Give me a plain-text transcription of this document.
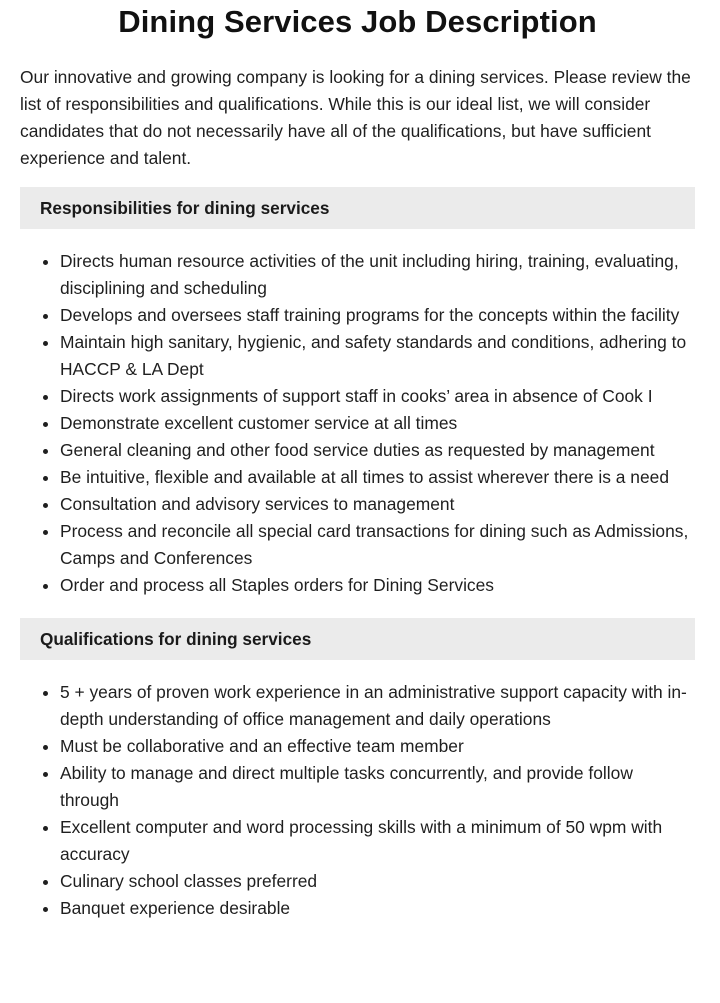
Dining Services Job Description

Our innovative and growing company is looking for a dining services. Please review the list of responsibilities and qualifications. While this is our ideal list, we will consider candidates that do not necessarily have all of the qualifications, but have sufficient experience and talent.

Responsibilities for dining services
Directs human resource activities of the unit including hiring, training, evaluating, disciplining and scheduling
Develops and oversees staff training programs for the concepts within the facility
Maintain high sanitary, hygienic, and safety standards and conditions, adhering to HACCP & LA Dept
Directs work assignments of support staff in cooks’ area in absence of Cook I
Demonstrate excellent customer service at all times
General cleaning and other food service duties as requested by management
Be intuitive, flexible and available at all times to assist wherever there is a need
Consultation and advisory services to management
Process and reconcile all special card transactions for dining such as Admissions, Camps and Conferences
Order and process all Staples orders for Dining Services
Qualifications for dining services
5 + years of proven work experience in an administrative support capacity with in-depth understanding of office management and daily operations
Must be collaborative and an effective team member
Ability to manage and direct multiple tasks concurrently, and provide follow through
Excellent computer and word processing skills with a minimum of 50 wpm with accuracy
Culinary school classes preferred
Banquet experience desirable
